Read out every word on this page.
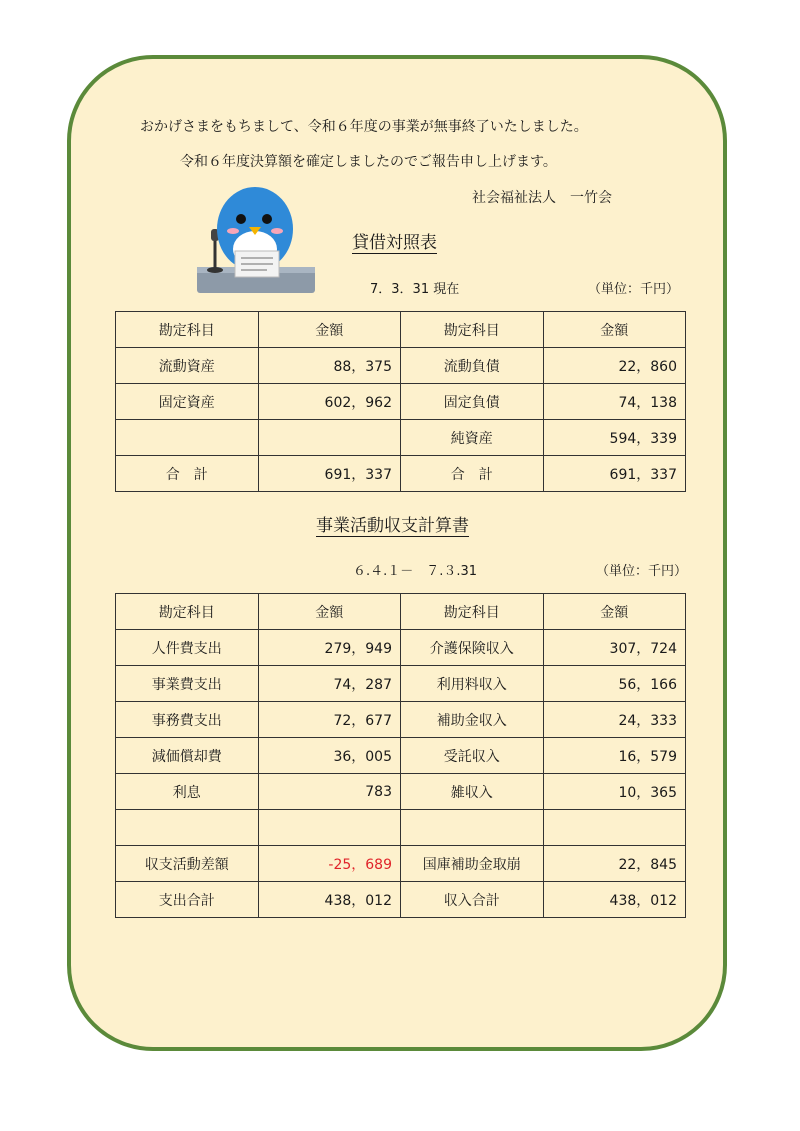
おかげさまをもちまして、令和６年度の事業が無事終了いたしました。
令和６年度決算額を確定しましたのでご報告申し上げます。
社会福祉法人　一竹会
貸借対照表
7．3．31 現在	（単位：千円）
勘定科目	金額	勘定科目	金額
流動資産	88，375	流動負債	22，860
固定資産	602，962	固定負債	74，138
		純資産	594，339
合　計	691，337	合　計	691，337
事業活動収支計算書
６.４.１－　７.３.31	（単位：千円）
勘定科目	金額	勘定科目	金額
人件費支出	279，949	介護保険収入	307，724
事業費支出	74，287	利用料収入	56，166
事務費支出	72，677	補助金収入	24，333
減価償却費	36，005	受託収入	16，579
利息	783	雑収入	10，365

収支活動差額	-25，689	国庫補助金取崩	22，845
支出合計	438，012	収入合計	438，012
